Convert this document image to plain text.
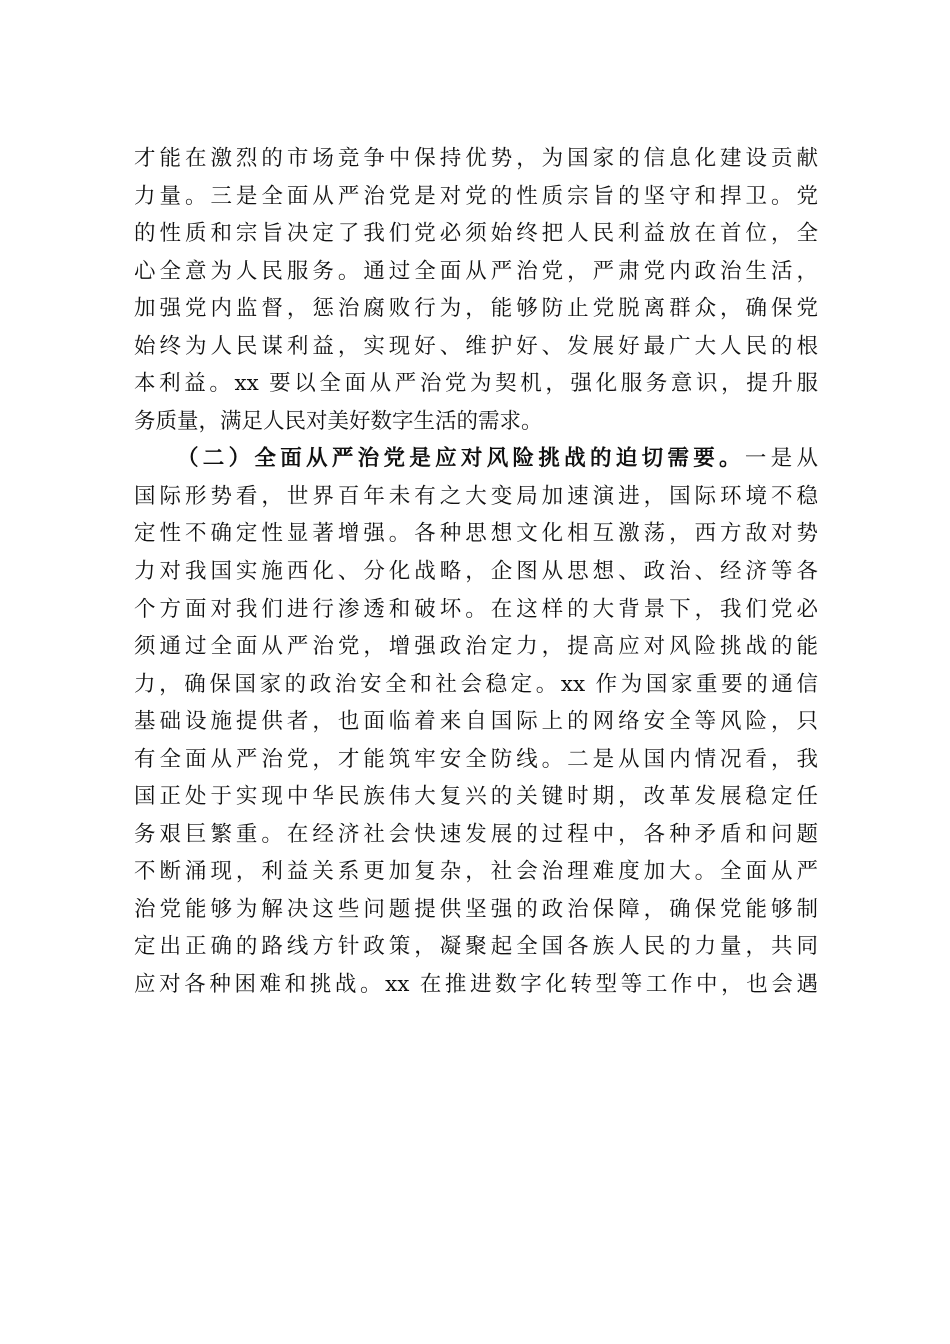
才能在激烈的市场竞争中保持优势，为国家的信息化建设贡献
力量。三是全面从严治党是对党的性质宗旨的坚守和捍卫。党
的性质和宗旨决定了我们党必须始终把人民利益放在首位，全
心全意为人民服务。通过全面从严治党，严肃党内政治生活，
加强党内监督，惩治腐败行为，能够防止党脱离群众，确保党
始终为人民谋利益，实现好、维护好、发展好最广大人民的根
本利益。xx 要以全面从严治党为契机，强化服务意识，提升服
务质量，满足人民对美好数字生活的需求。
（二）全面从严治党是应对风险挑战的迫切需要。一是从
国际形势看，世界百年未有之大变局加速演进，国际环境不稳
定性不确定性显著增强。各种思想文化相互激荡，西方敌对势
力对我国实施西化、分化战略，企图从思想、政治、经济等各
个方面对我们进行渗透和破坏。在这样的大背景下，我们党必
须通过全面从严治党，增强政治定力，提高应对风险挑战的能
力，确保国家的政治安全和社会稳定。xx 作为国家重要的通信
基础设施提供者，也面临着来自国际上的网络安全等风险，只
有全面从严治党，才能筑牢安全防线。二是从国内情况看，我
国正处于实现中华民族伟大复兴的关键时期，改革发展稳定任
务艰巨繁重。在经济社会快速发展的过程中，各种矛盾和问题
不断涌现，利益关系更加复杂，社会治理难度加大。全面从严
治党能够为解决这些问题提供坚强的政治保障，确保党能够制
定出正确的路线方针政策，凝聚起全国各族人民的力量，共同
应对各种困难和挑战。xx 在推进数字化转型等工作中，也会遇
